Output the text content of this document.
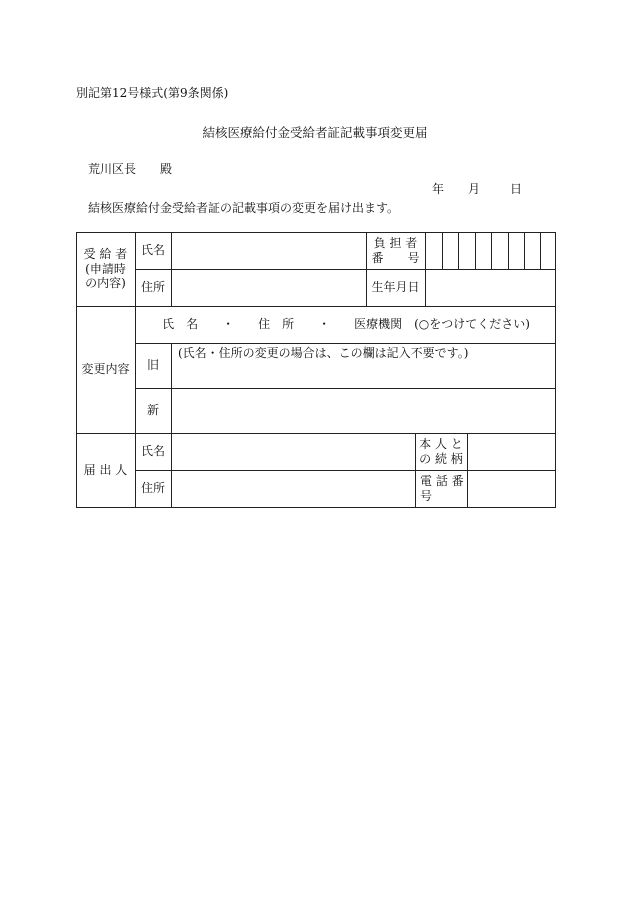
別記第12号様式(第9条関係)
結核医療給付金受給者証記載事項変更届
荒川区長　　殿
年 月	日
結核医療給付金受給者証の記載事項の変更を届け出ます。
受 給 者
(申請時
の内容)
氏名
負 担 者
番　　号
住所	生年月日
変更内容
氏　名　　・　　住　所　　・　　医療機関　(○をつけてください)
旧
(氏名・住所の変更の場合は、この欄は記入不要です。)
新
届 出 人
氏名
本 人 と
の 続 柄
住所
電 話 番
号
